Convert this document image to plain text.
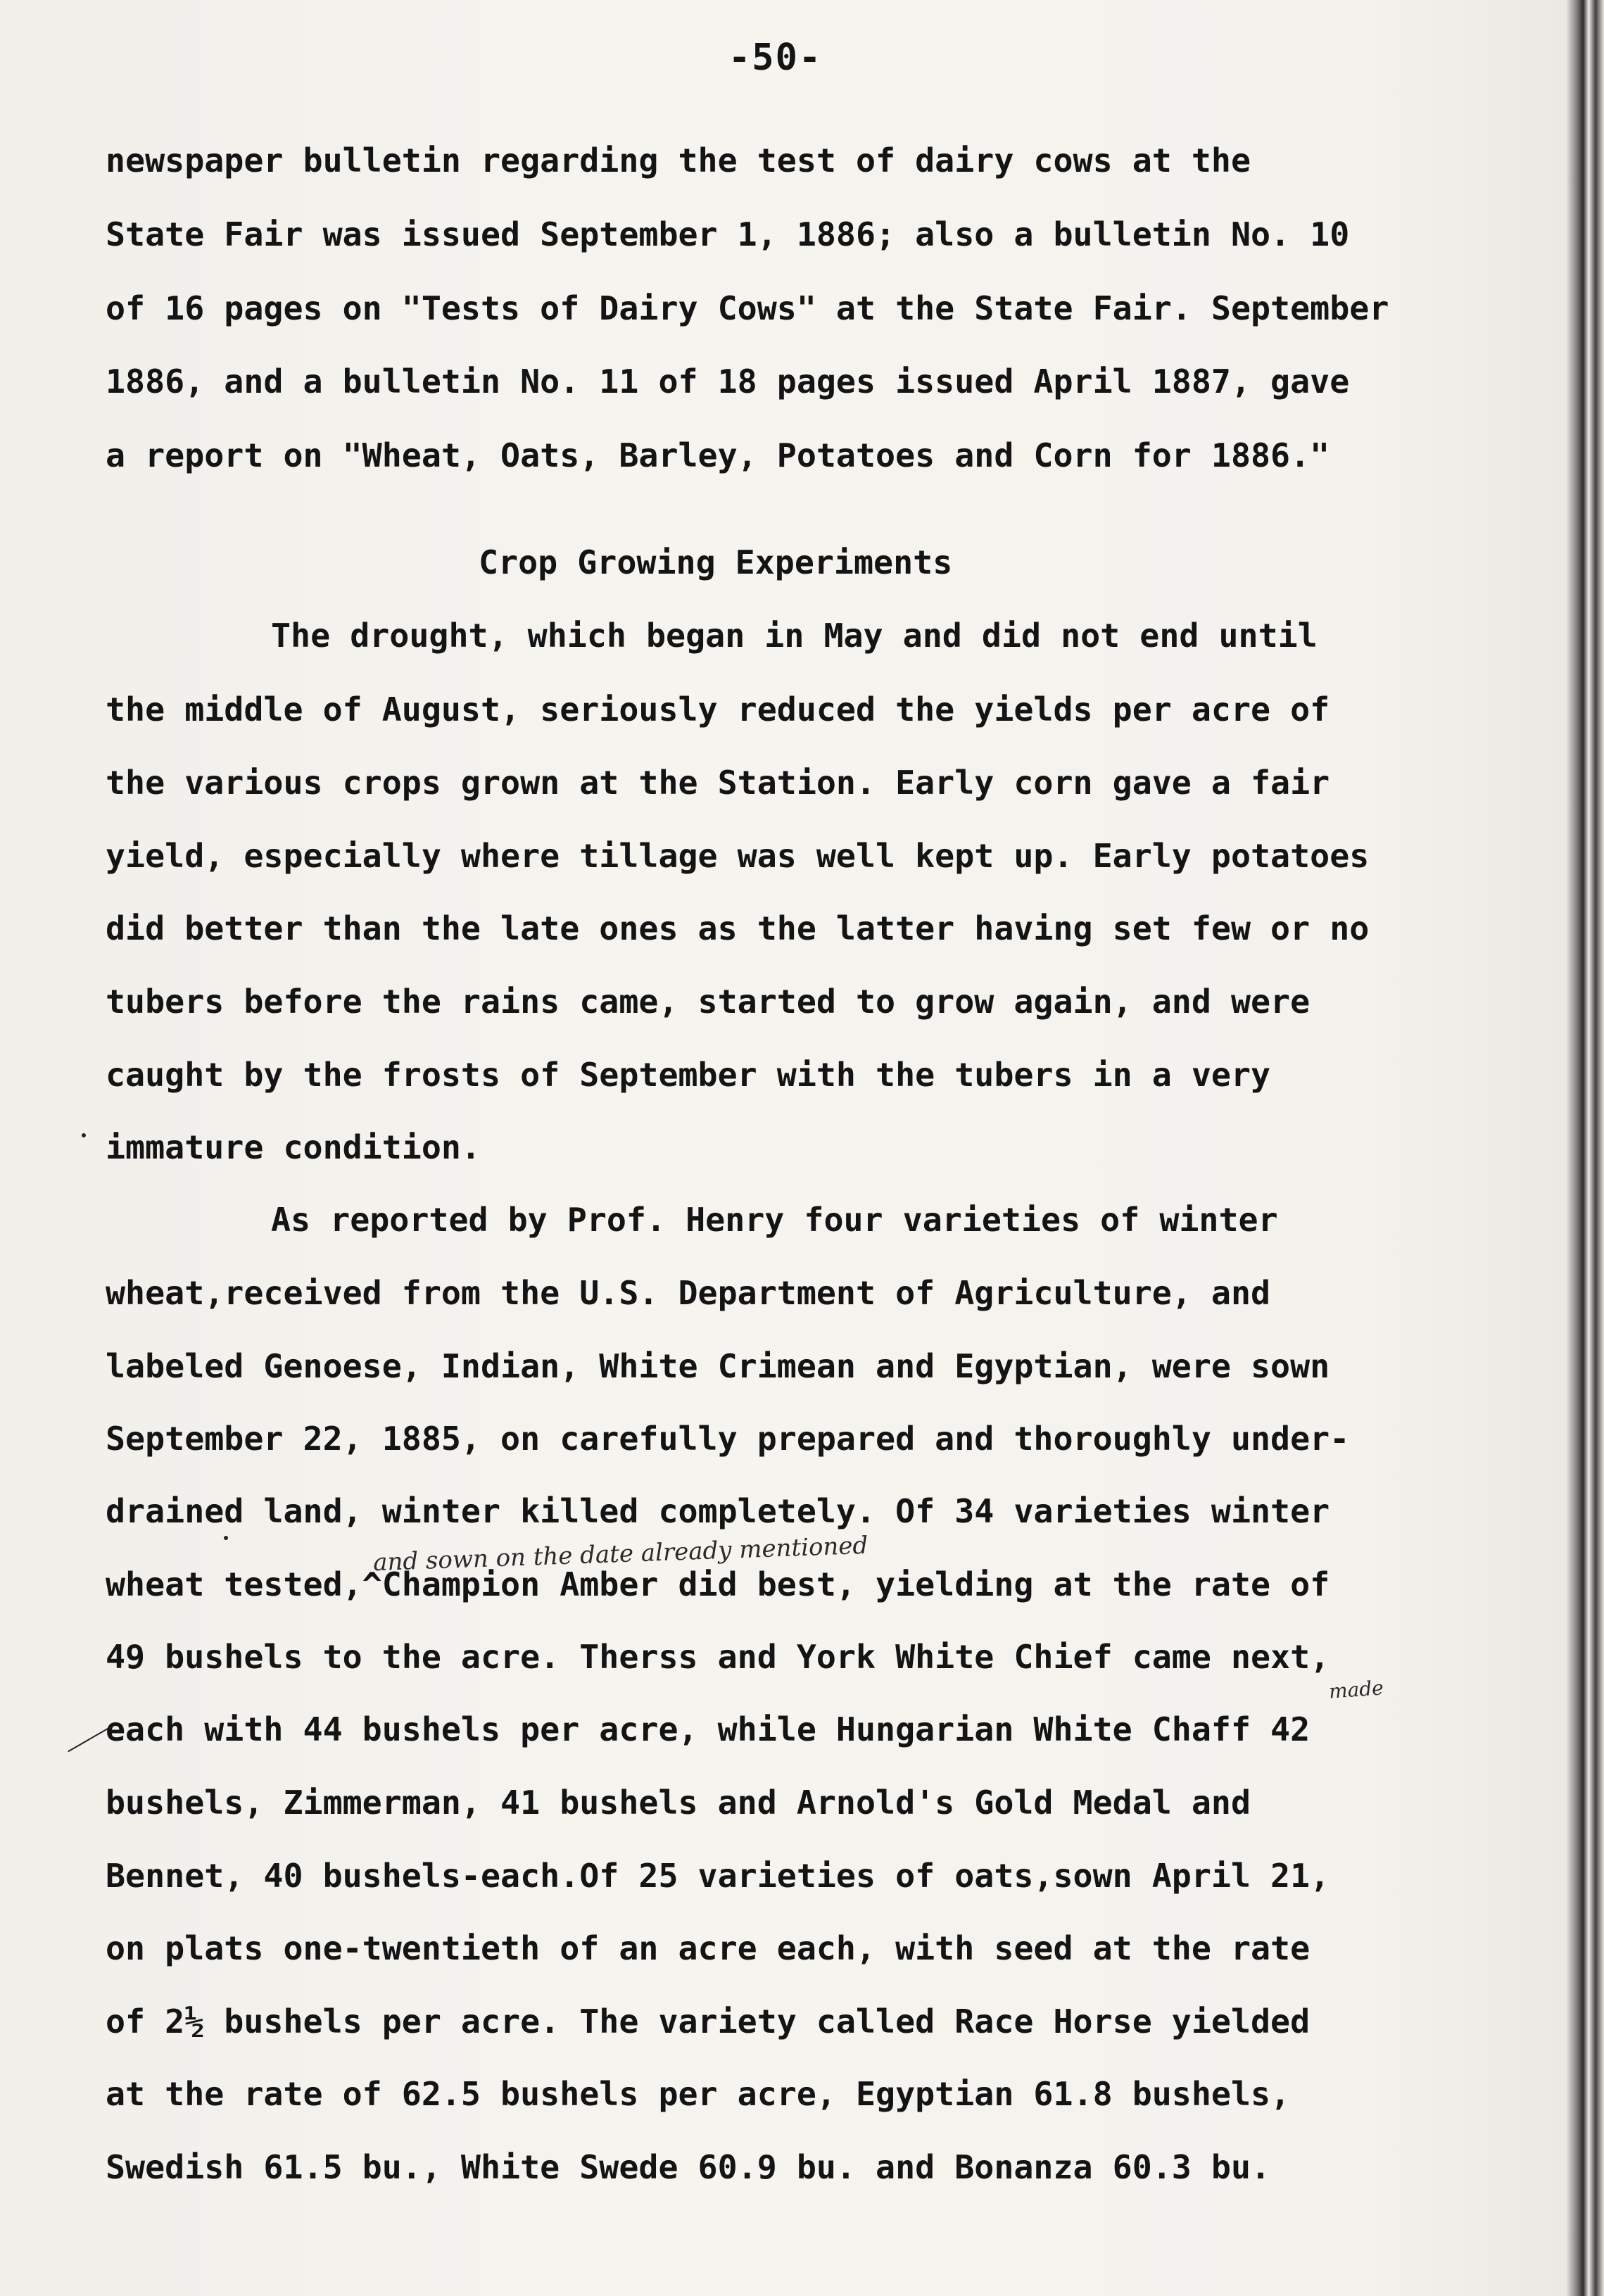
-50-
newspaper bulletin regarding the test of dairy cows at the
State Fair was issued September 1, 1886; also a bulletin No. 10
of 16 pages on "Tests of Dairy Cows" at the State Fair. September
1886, and a bulletin No. 11 of 18 pages issued April 1887, gave
a report on "Wheat, Oats, Barley, Potatoes and Corn for 1886."
Crop Growing Experiments
The drought, which began in May and did not end until
the middle of August, seriously reduced the yields per acre of
the various crops grown at the Station. Early corn gave a fair
yield, especially where tillage was well kept up. Early potatoes
did better than the late ones as the latter having set few or no
tubers before the rains came, started to grow again, and were
caught by the frosts of September with the tubers in a very
immature condition.
As reported by Prof. Henry four varieties of winter
wheat,received from the U.S. Department of Agriculture, and
labeled Genoese, Indian, White Crimean and Egyptian, were sown
September 22, 1885, on carefully prepared and thoroughly under-
drained land, winter killed completely. Of 34 varieties winter
wheat tested,^Champion Amber did best, yielding at the rate of
49 bushels to the acre. Therss and York White Chief came next,
each with 44 bushels per acre, while Hungarian White Chaff 42
bushels, Zimmerman, 41 bushels and Arnold's Gold Medal and
Bennet, 40 bushels-each.Of 25 varieties of oats,sown April 21,
on plats one-twentieth of an acre each, with seed at the rate
of 2½ bushels per acre. The variety called Race Horse yielded
at the rate of 62.5 bushels per acre, Egyptian 61.8 bushels,
Swedish 61.5 bu., White Swede 60.9 bu. and Bonanza 60.3 bu.
and sown on the date already mentioned
made
